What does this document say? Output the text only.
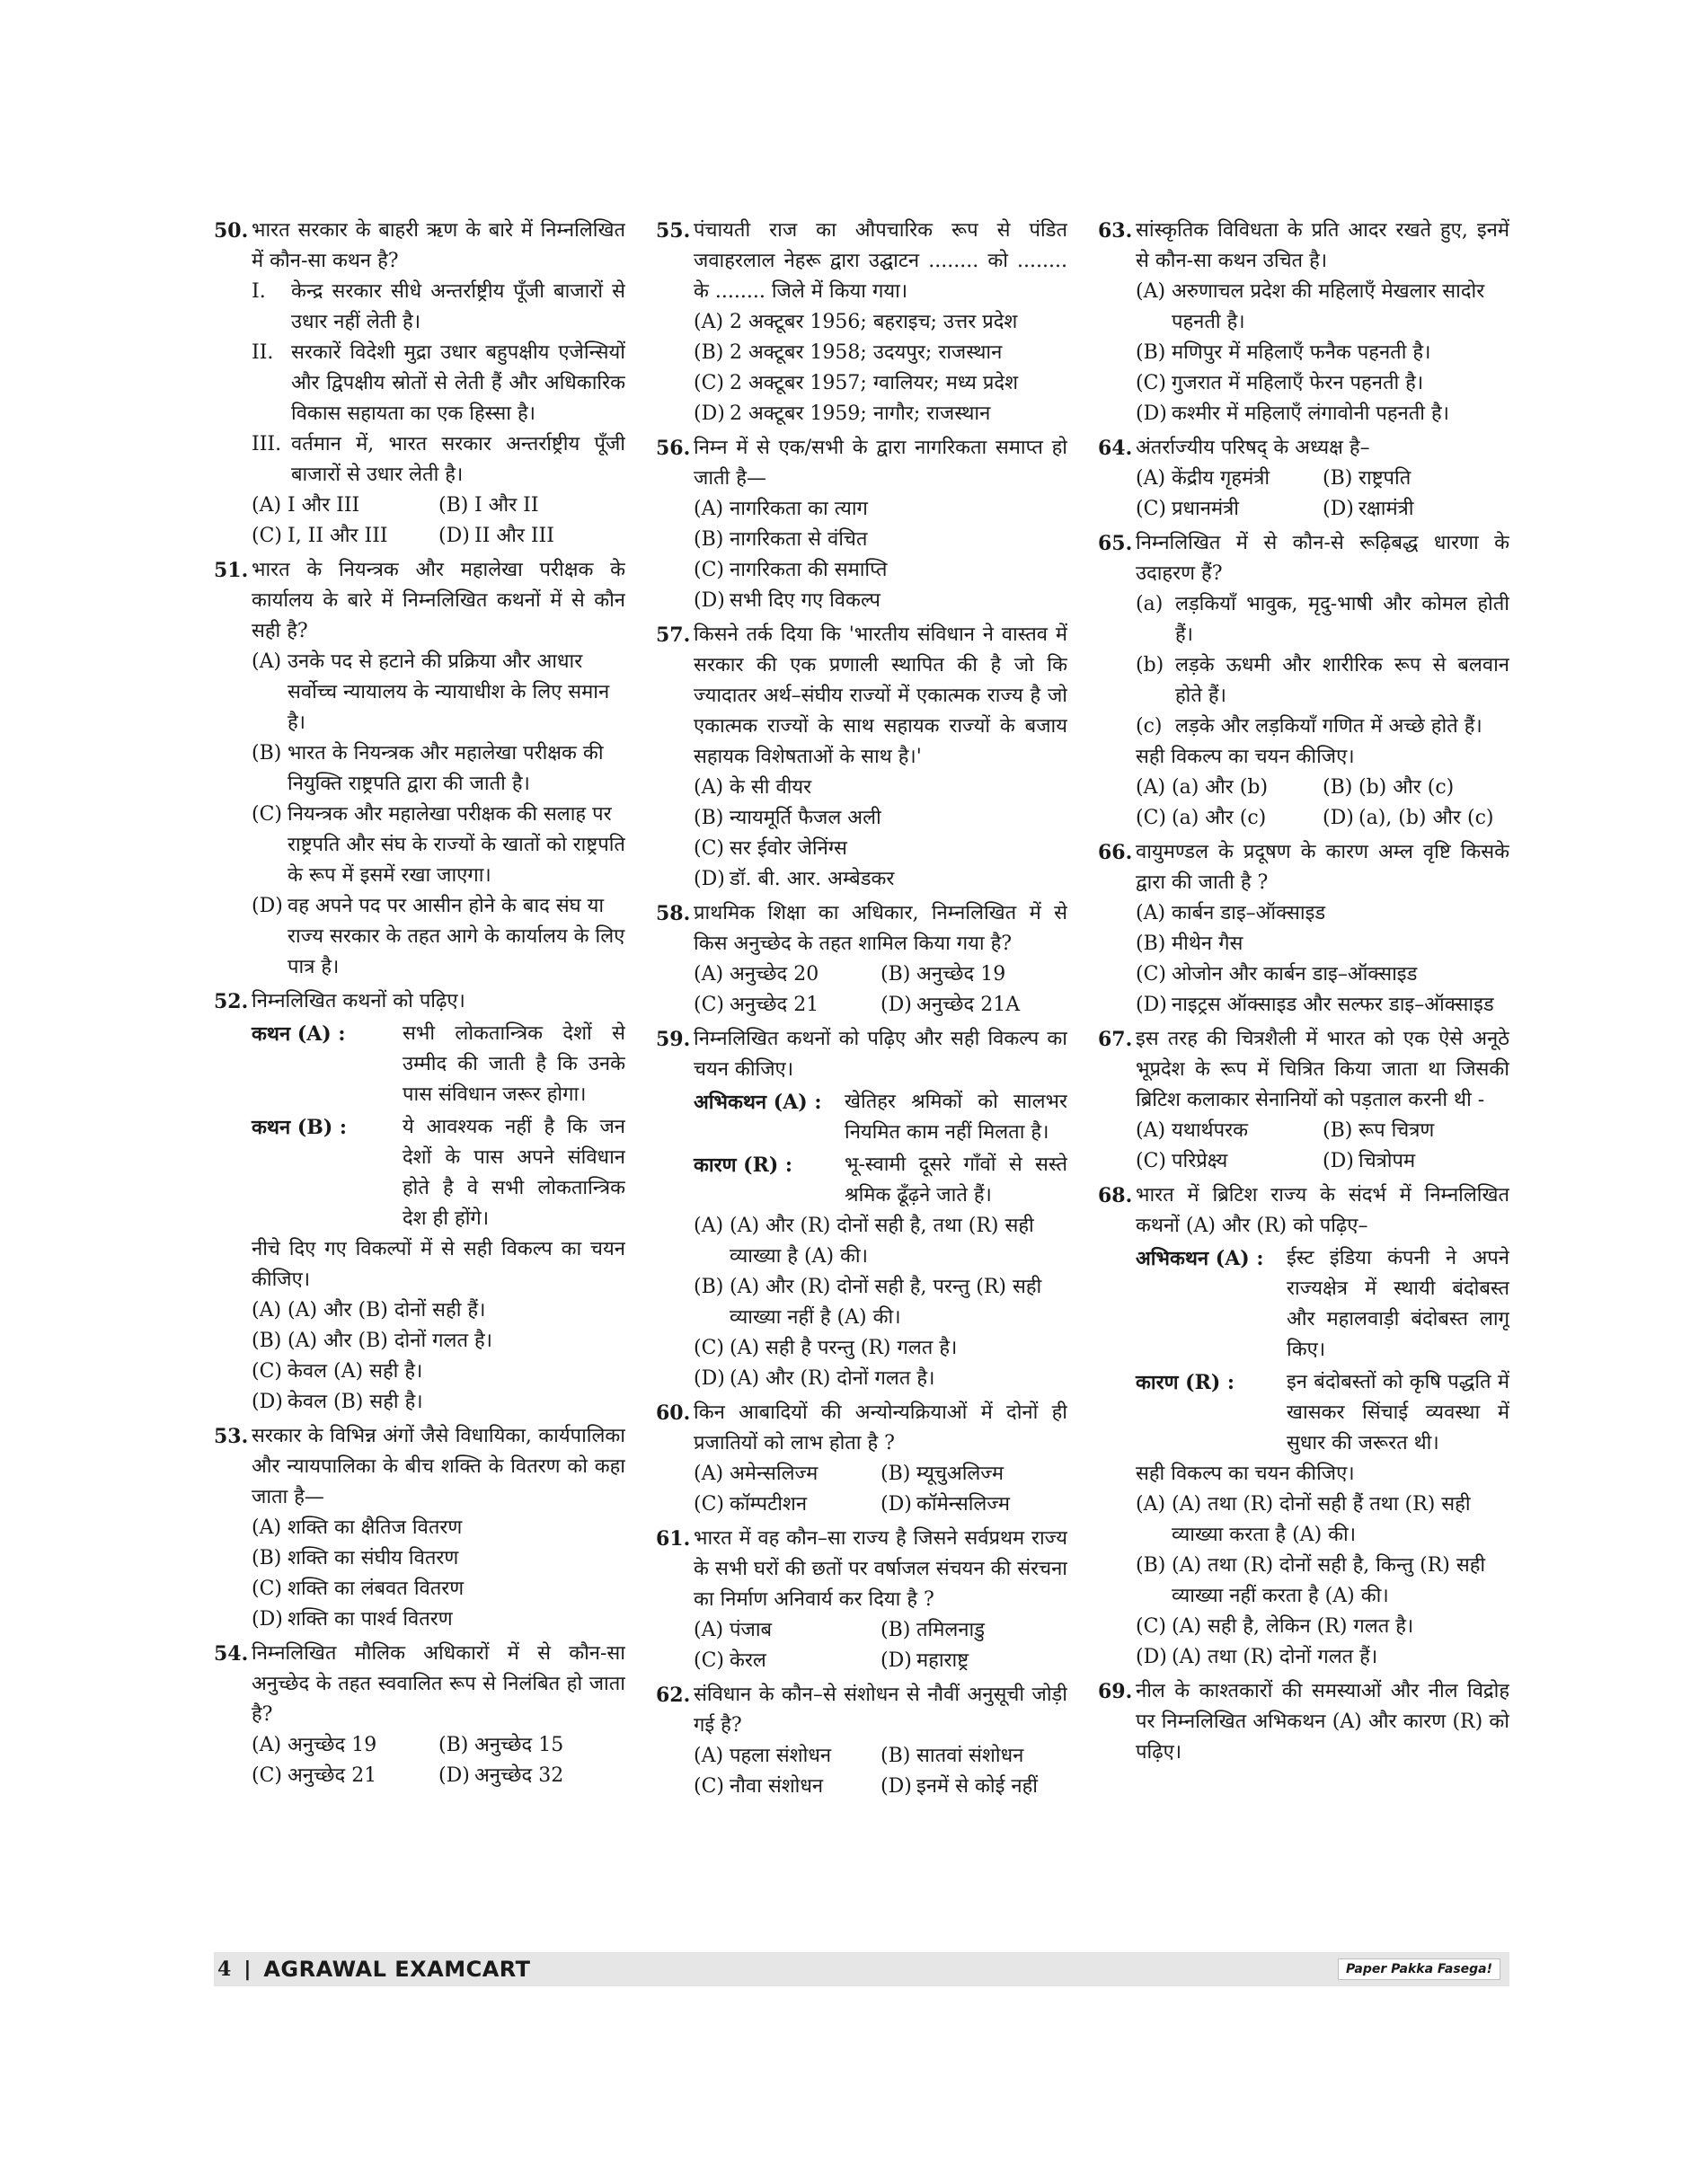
50. भारत सरकार के बाहरी ऋण के बारे में निम्नलिखित में कौन-सा कथन है?
I.	केन्द्र सरकार सीधे अन्तर्राष्ट्रीय पूँजी बाजारों से उधार नहीं लेती है।
II. सरकारें विदेशी मुद्रा उधार बहुपक्षीय एजेन्सियों और द्विपक्षीय स्रोतों से लेती हैं और अधिकारिक विकास सहायता का एक हिस्सा है।
III. वर्तमान में, भारत सरकार अन्तर्राष्ट्रीय पूँजी बाजारों से उधार लेती है।
(A) I और III	(B) I और II
(C) I, II और III	(D) II और III
51. भारत के नियन्त्रक और महालेखा परीक्षक के कार्यालय के बारे में निम्नलिखित कथनों में से कौन सही है?
(A) उनके पद से हटाने की प्रक्रिया और आधार सर्वोच्च न्यायालय के न्यायाधीश के लिए समान है।
(B) भारत के नियन्त्रक और महालेखा परीक्षक की नियुक्ति राष्ट्रपति द्वारा की जाती है।
(C) नियन्त्रक और महालेखा परीक्षक की सलाह पर राष्ट्रपति और संघ के राज्यों के खातों को राष्ट्रपति के रूप में इसमें रखा जाएगा।
(D) वह अपने पद पर आसीन होने के बाद संघ या राज्य सरकार के तहत आगे के कार्यालय के लिए पात्र है।
52. निम्नलिखित कथनों को पढ़िए।
कथन (A) :	सभी लोकतान्त्रिक देशों से उम्मीद की जाती है कि उनके पास संविधान जरूर होगा।
कथन (B) :	ये आवश्यक नहीं है कि जन देशों के पास अपने संविधान होते है वे सभी लोकतान्त्रिक देश ही होंगे।
नीचे दिए गए विकल्पों में से सही विकल्प का चयन कीजिए।
(A) (A) और (B) दोनों सही हैं।
(B) (A) और (B) दोनों गलत है।
(C) केवल (A) सही है।
(D) केवल (B) सही है।
53. सरकार के विभिन्न अंगों जैसे विधायिका, कार्यपालिका और न्यायपालिका के बीच शक्ति के वितरण को कहा जाता है—
(A) शक्ति का क्षैतिज वितरण
(B) शक्ति का संघीय वितरण
(C) शक्ति का लंबवत वितरण
(D) शक्ति का पार्श्व वितरण
54. निम्नलिखित मौलिक अधिकारों में से कौन-सा अनुच्छेद के तहत स्ववालित रूप से निलंबित हो जाता है?
(A) अनुच्छेद 19	(B) अनुच्छेद 15
(C) अनुच्छेद 21	(D) अनुच्छेद 32
55. पंचायती राज का औपचारिक रूप से पंडित जवाहरलाल नेहरू द्वारा उद्घाटन ........ को ........ के ........ जिले में किया गया।
(A) 2 अक्टूबर 1956; बहराइच; उत्तर प्रदेश
(B) 2 अक्टूबर 1958; उदयपुर; राजस्थान
(C) 2 अक्टूबर 1957; ग्वालियर; मध्य प्रदेश
(D) 2 अक्टूबर 1959; नागौर; राजस्थान
56. निम्न में से एक/सभी के द्वारा नागरिकता समाप्त हो जाती है—
(A) नागरिकता का त्याग
(B) नागरिकता से वंचित
(C) नागरिकता की समाप्ति
(D) सभी दिए गए विकल्प
57. किसने तर्क दिया कि 'भारतीय संविधान ने वास्तव में सरकार की एक प्रणाली स्थापित की है जो कि ज्यादातर अर्थ–संघीय राज्यों में एकात्मक राज्य है जो एकात्मक राज्यों के साथ सहायक राज्यों के बजाय सहायक विशेषताओं के साथ है।'
(A) के सी वीयर
(B) न्यायमूर्ति फैजल अली
(C) सर ईवोर जेनिंग्स
(D) डॉ. बी. आर. अम्बेडकर
58. प्राथमिक शिक्षा का अधिकार, निम्नलिखित में से किस अनुच्छेद के तहत शामिल किया गया है?
(A) अनुच्छेद 20	(B) अनुच्छेद 19
(C) अनुच्छेद 21	(D) अनुच्छेद 21A
59. निम्नलिखित कथनों को पढ़िए और सही विकल्प का चयन कीजिए।
अभिकथन (A) :	खेतिहर श्रमिकों को सालभर नियमित काम नहीं मिलता है।
कारण (R) :	भू-स्वामी दूसरे गाँवों से सस्ते श्रमिक ढूँढ़ने जाते हैं।
(A) (A) और (R) दोनों सही है, तथा (R) सही व्याख्या है (A) की।
(B) (A) और (R) दोनों सही है, परन्तु (R) सही व्याख्या नहीं है (A) की।
(C) (A) सही है परन्तु (R) गलत है।
(D) (A) और (R) दोनों गलत है।
60. किन आबादियों की अन्योन्यक्रियाओं में दोनों ही प्रजातियों को लाभ होता है ?
(A) अमेन्सलिज्म	(B) म्यूचुअलिज्म
(C) कॉम्पटीशन	(D) कॉमेन्सलिज्म
61. भारत में वह कौन–सा राज्य है जिसने सर्वप्रथम राज्य के सभी घरों की छतों पर वर्षाजल संचयन की संरचना का निर्माण अनिवार्य कर दिया है ?
(A) पंजाब	(B) तमिलनाडु
(C) केरल	(D) महाराष्ट्र
62. संविधान के कौन–से संशोधन से नौवीं अनुसूची जोड़ी गई है?
(A) पहला संशोधन	(B) सातवां संशोधन
(C) नौवा संशोधन	(D) इनमें से कोई नहीं
63. सांस्कृतिक विविधता के प्रति आदर रखते हुए, इनमें से कौन-सा कथन उचित है।
(A) अरुणाचल प्रदेश की महिलाएँ मेखलार सादोर पहनती है।
(B) मणिपुर में महिलाएँ फनैक पहनती है।
(C) गुजरात में महिलाएँ फेरन पहनती है।
(D) कश्मीर में महिलाएँ लंगावोनी पहनती है।
64. अंतर्राज्यीय परिषद् के अध्यक्ष है–
(A) केंद्रीय गृहमंत्री	(B) राष्ट्रपति
(C) प्रधानमंत्री	(D) रक्षामंत्री
65. निम्नलिखित में से कौन-से रूढ़िबद्ध धारणा के उदाहरण हैं?
(a) लड़कियाँ भावुक, मृदु-भाषी और कोमल होती हैं।
(b) लड़के ऊधमी और शारीरिक रूप से बलवान होते हैं।
(c) लड़के और लड़कियाँ गणित में अच्छे होते हैं।
सही विकल्प का चयन कीजिए।
(A) (a) और (b)	(B) (b) और (c)
(C) (a) और (c)	(D) (a), (b) और (c)
66. वायुमण्डल के प्रदूषण के कारण अम्ल वृष्टि किसके द्वारा की जाती है ?
(A) कार्बन डाइ–ऑक्साइड
(B) मीथेन गैस
(C) ओजोन और कार्बन डाइ–ऑक्साइड
(D) नाइट्रस ऑक्साइड और सल्फर डाइ–ऑक्साइड
67. इस तरह की चित्रशैली में भारत को एक ऐसे अनूठे भूप्रदेश के रूप में चित्रित किया जाता था जिसकी ब्रिटिश कलाकार सेनानियों को पड़ताल करनी थी -
(A) यथार्थपरक	(B) रूप चित्रण
(C) परिप्रेक्ष्य	(D) चित्रोपम
68. भारत में ब्रिटिश राज्य के संदर्भ में निम्नलिखित कथनों (A) और (R) को पढ़िए–
अभिकथन (A) :	ईस्ट इंडिया कंपनी ने अपने राज्यक्षेत्र में स्थायी बंदोबस्त और महालवाड़ी बंदोबस्त लागू किए।
कारण (R) :	इन बंदोबस्तों को कृषि पद्धति में खासकर सिंचाई व्यवस्था में सुधार की जरूरत थी।
सही विकल्प का चयन कीजिए।
(A) (A) तथा (R) दोनों सही हैं तथा (R) सही व्याख्या करता है (A) की।
(B) (A) तथा (R) दोनों सही है, किन्तु (R) सही व्याख्या नहीं करता है (A) की।
(C) (A) सही है, लेकिन (R) गलत है।
(D) (A) तथा (R) दोनों गलत हैं।
69. नील के काश्तकारों की समस्याओं और नील विद्रोह पर निम्नलिखित अभिकथन (A) और कारण (R) को पढ़िए।
4 | AGRAWAL EXAMCART	Paper Pakka Fasega!
